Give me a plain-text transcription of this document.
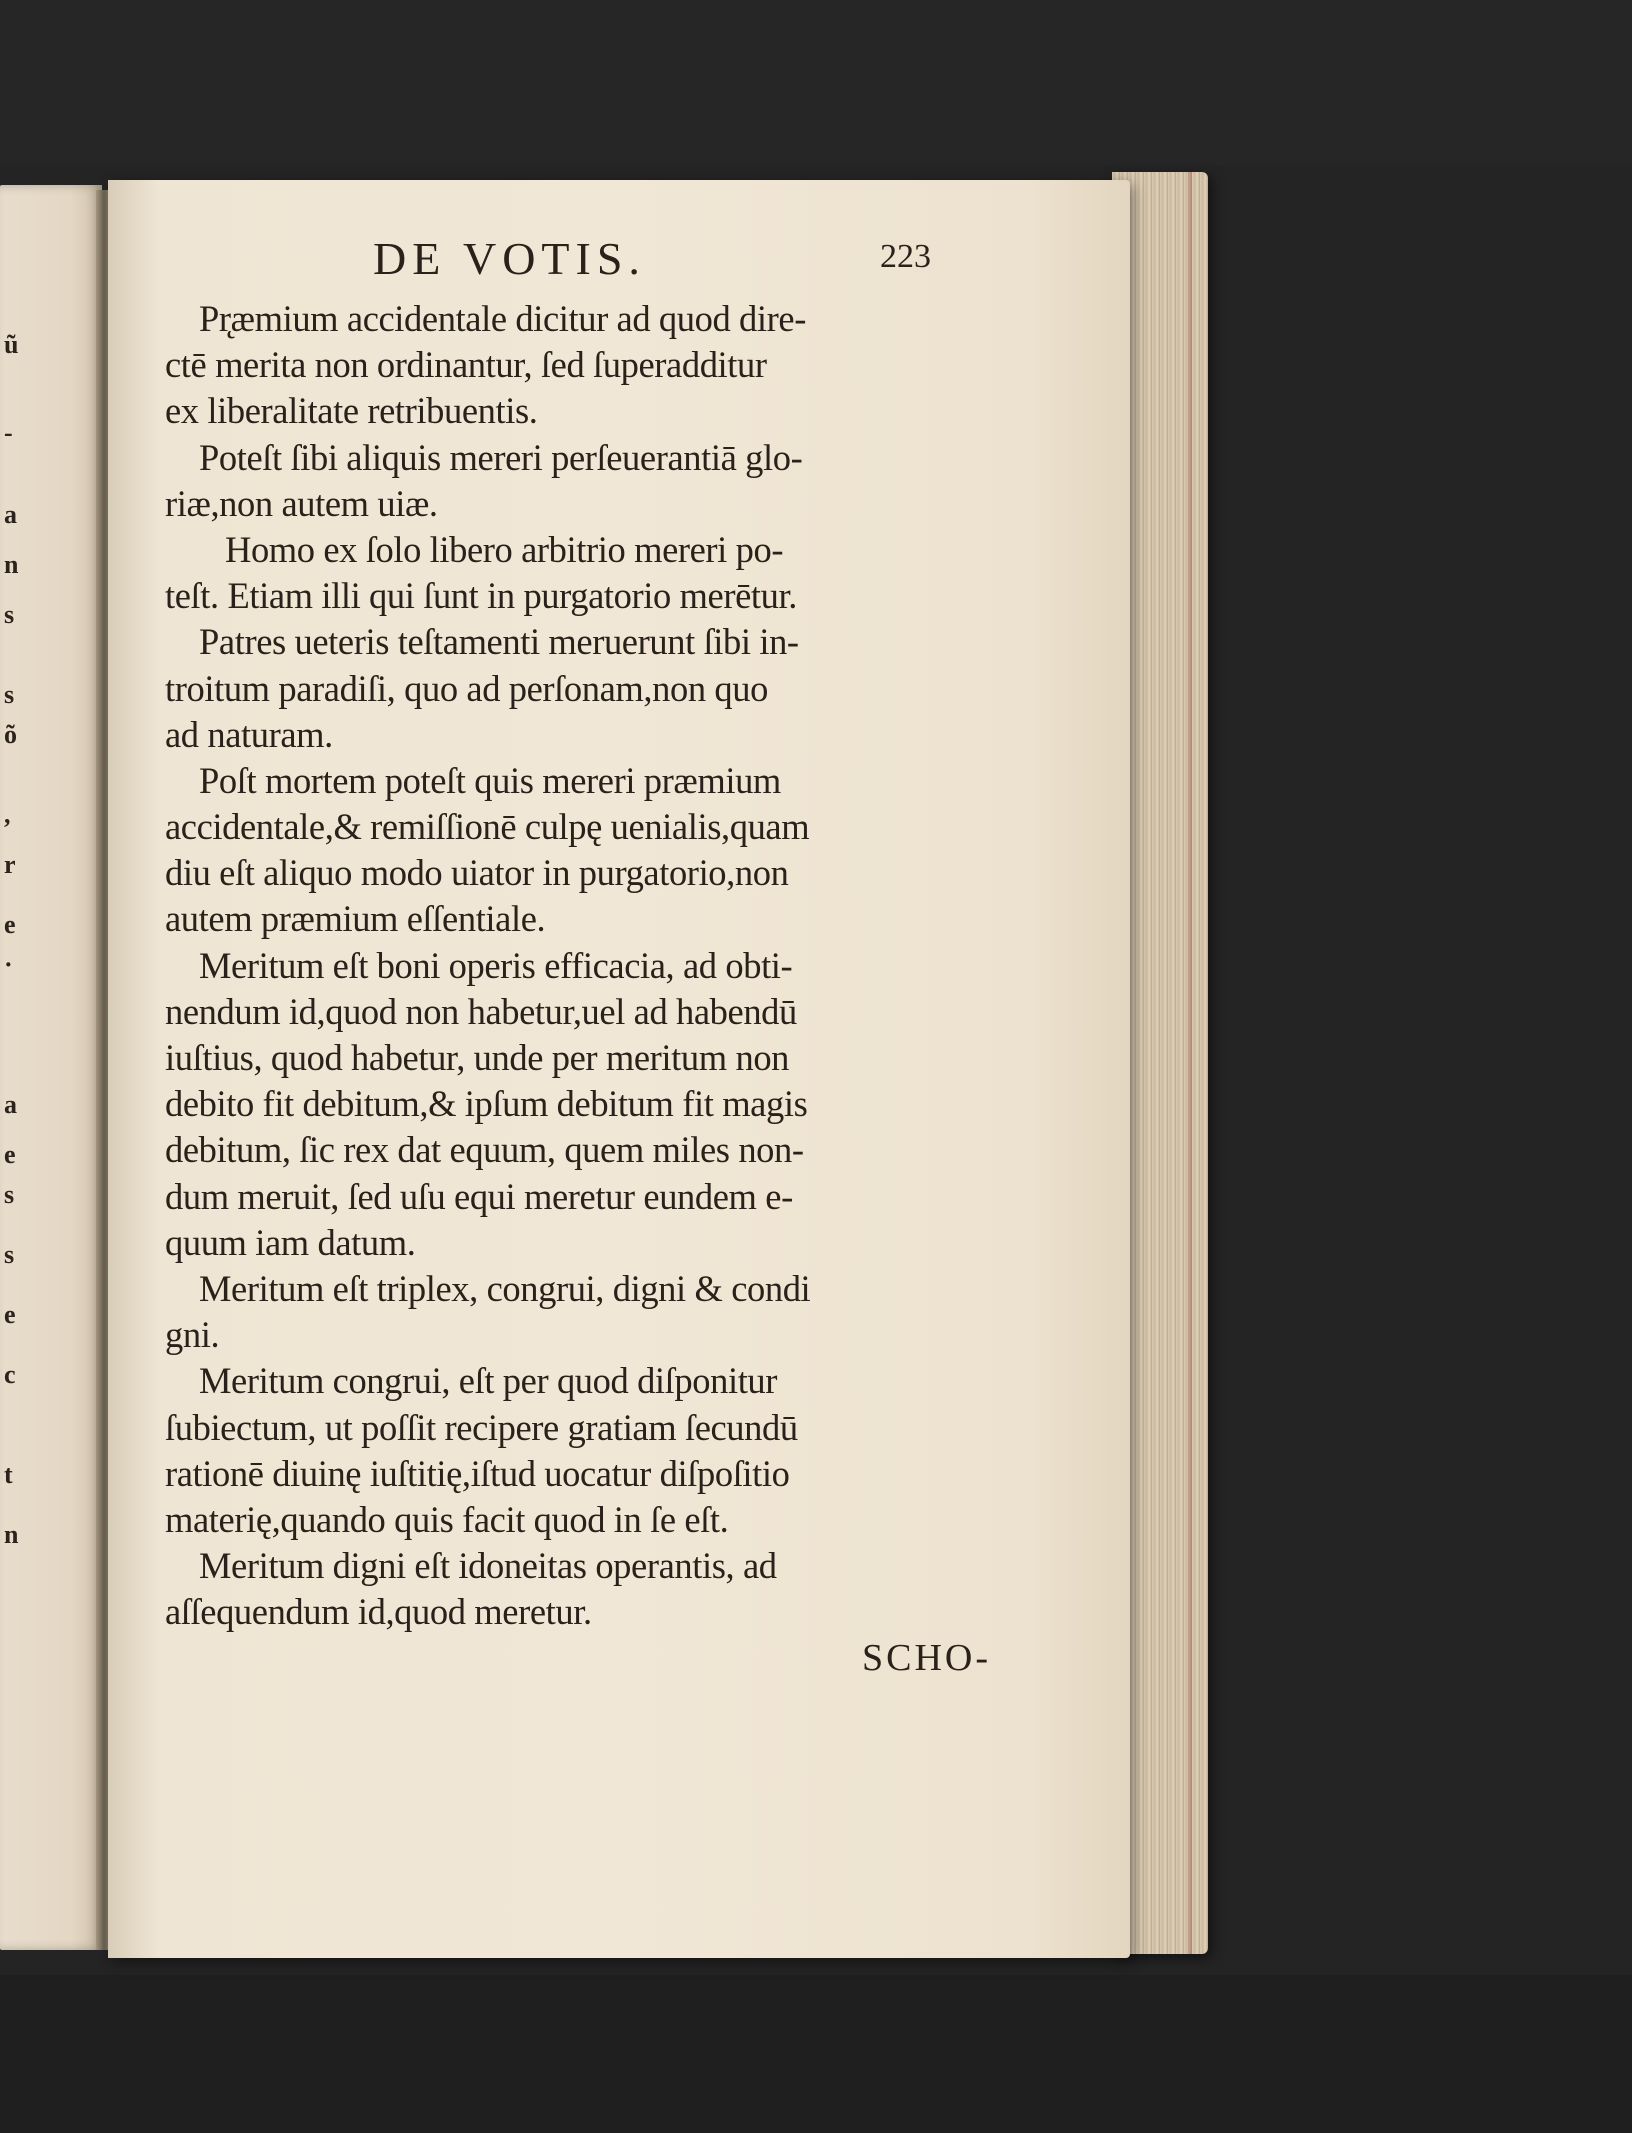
ũ
-
a
n
s
s
õ
,
r
e
·
a
e
s
s
e
c
t
n
DE VOTIS.	223
Pr̨æmium accidentale dicitur ad quod dire-
ctē merita non ordinantur, ſed ſuperadditur
ex liberalitate retribuentis.
Poteſt ſibi aliquis mereri perſeuerantiā glo-
riæ,non autem uiæ.
Homo ex ſolo libero arbitrio mereri po-
teſt. Etiam illi qui ſunt in purgatorio merētur.
Patres ueteris teſtamenti meruerunt ſibi in-
troitum paradiſi, quo ad perſonam,non quo
ad naturam.
Poſt mortem poteſt quis mereri præmium
accidentale,& remiſſionē culpę uenialis,quam
diu eſt aliquo modo uiator in purgatorio,non
autem præmium eſſentiale.
Meritum eſt boni operis efficacia, ad obti-
nendum id,quod non habetur,uel ad habendū
iuſtius, quod habetur, unde per meritum non
debito fit debitum,& ipſum debitum fit magis
debitum, ſic rex dat equum, quem miles non-
dum meruit, ſed uſu equi meretur eundem e-
quum iam datum.
Meritum eſt triplex, congrui, digni & condi
gni.
Meritum congrui, eſt per quod diſponitur
ſubiectum, ut poſſit recipere gratiam ſecundū
rationē diuinę iuſtitię,iſtud uocatur diſpoſitio
materię,quando quis facit quod in ſe eſt.
Meritum digni eſt idoneitas operantis, ad
aſſequendum id,quod meretur.
SCHO-
